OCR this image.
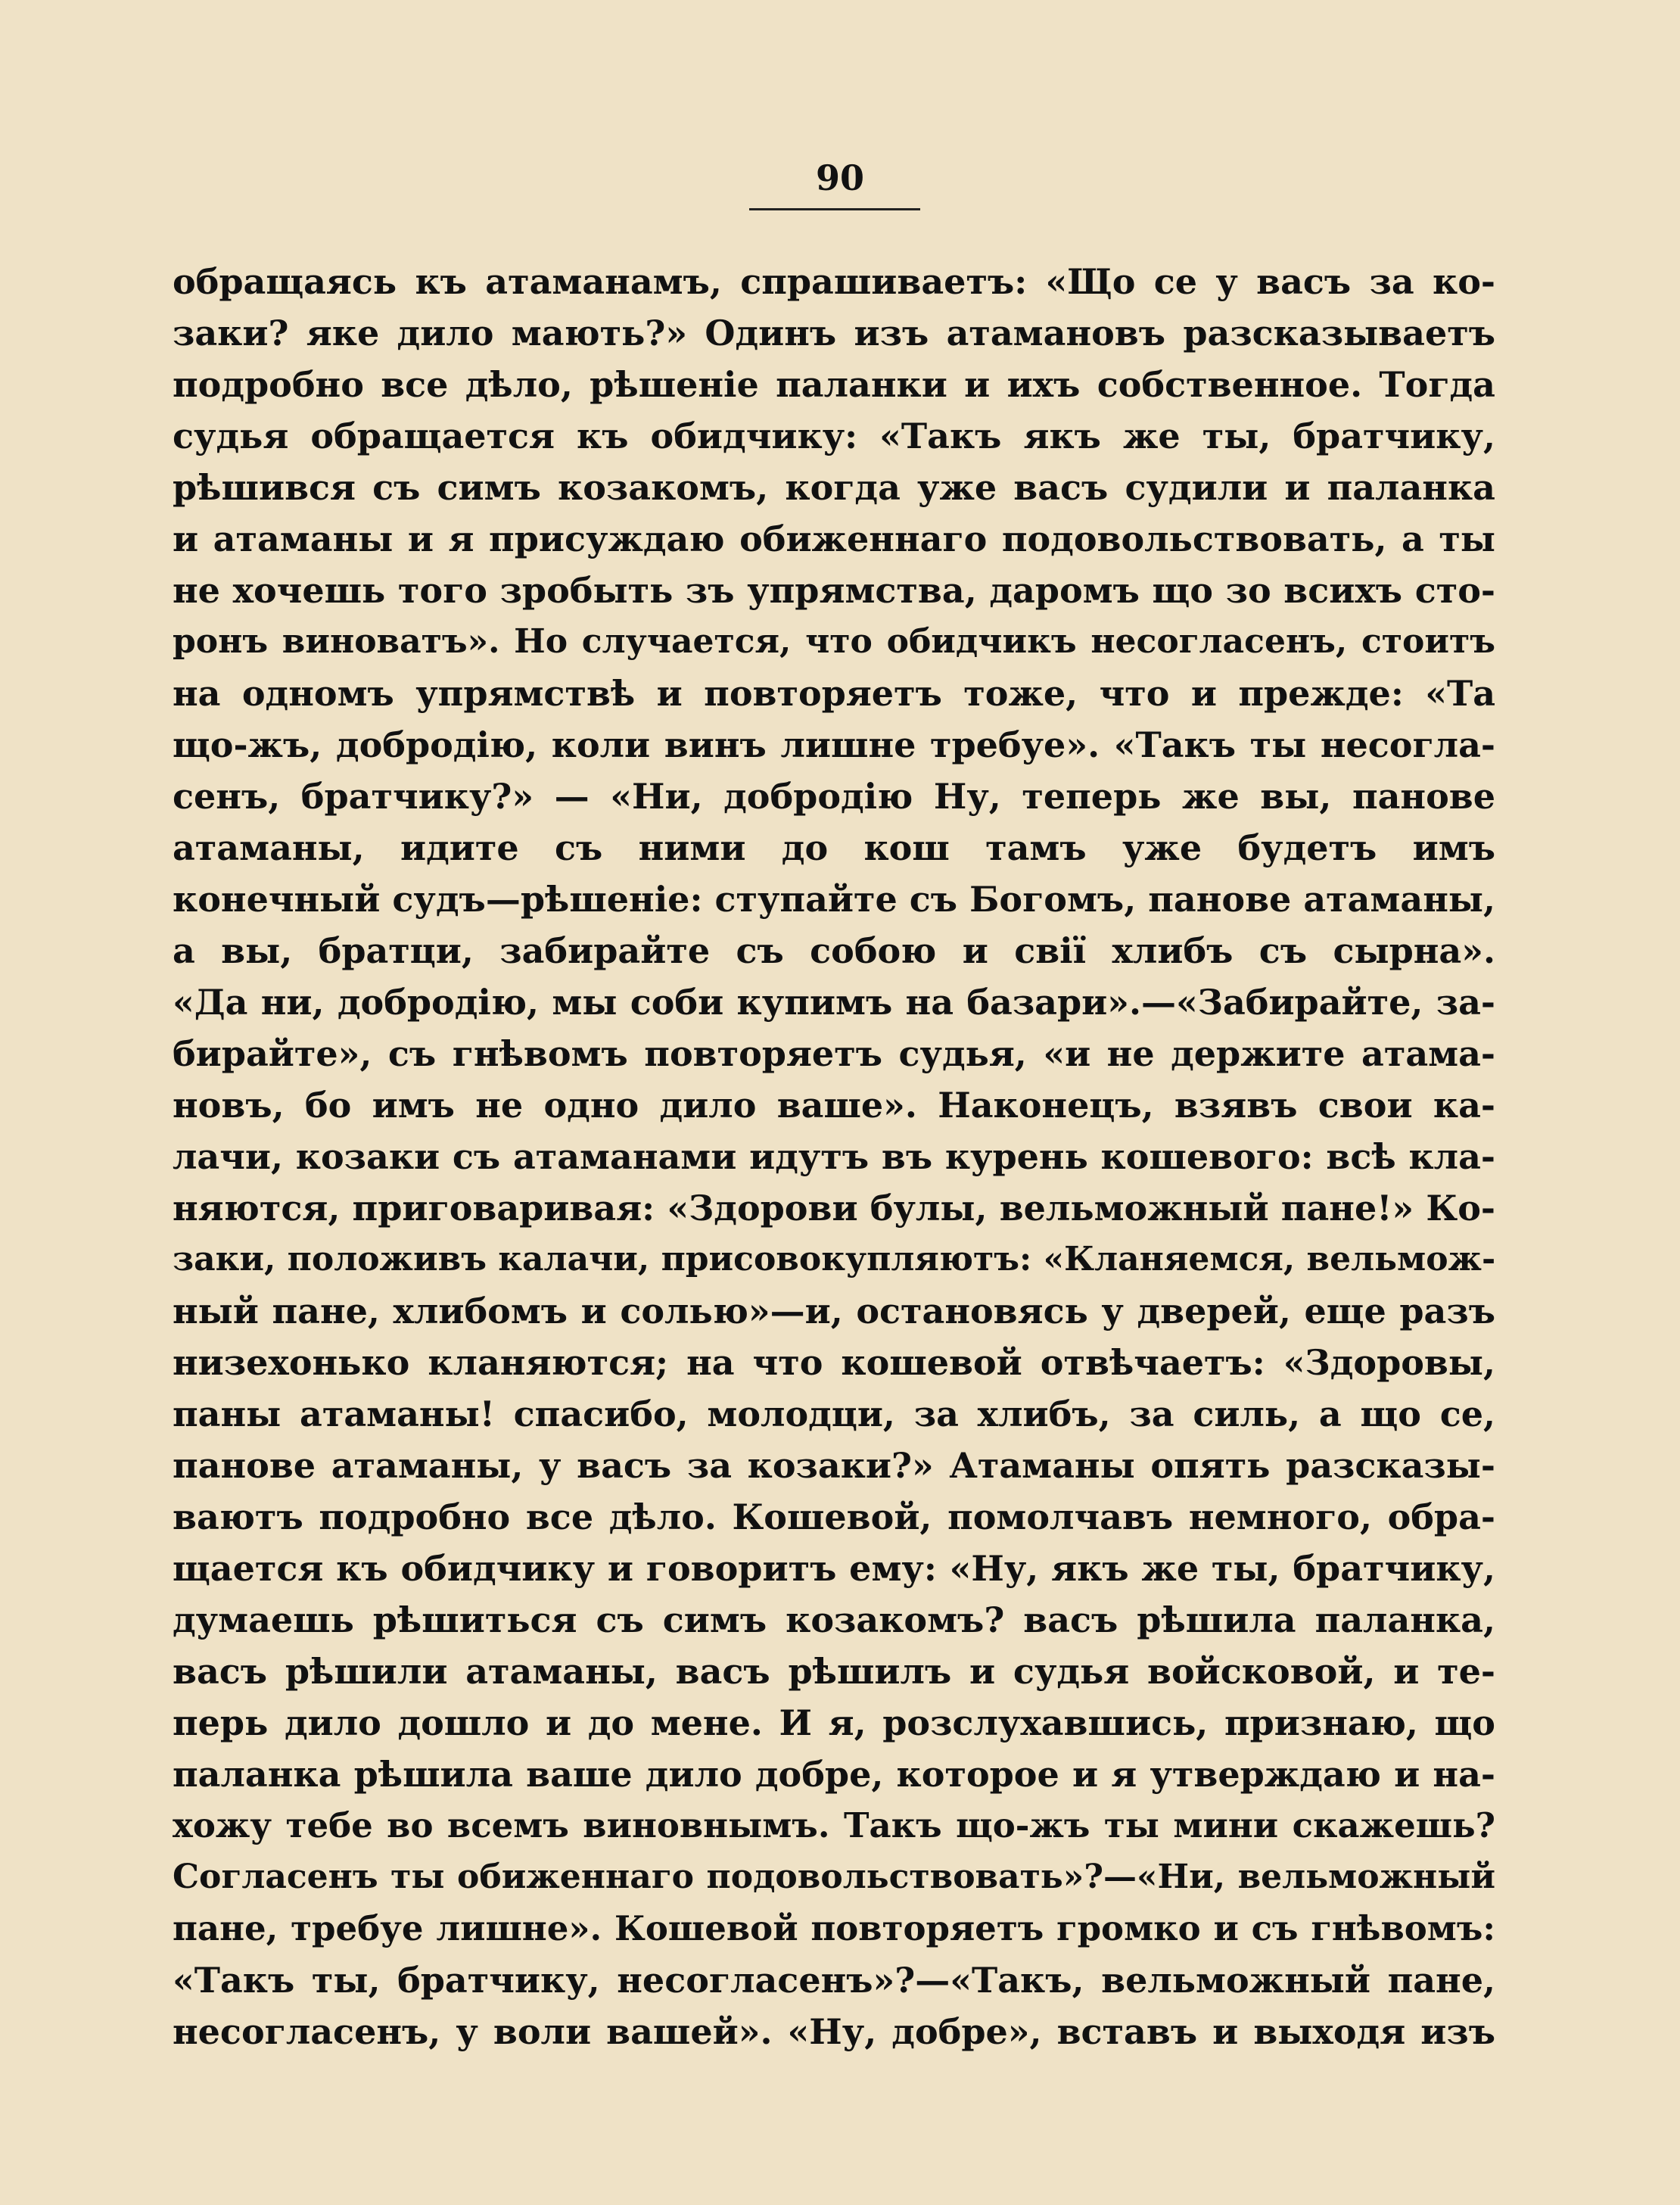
90
обращаясь къ атаманамъ, спрашиваетъ: «Що се у васъ за ко-
заки? яке дило мають?» Одинъ изъ атамановъ разсказываетъ
подробно все дѣло, рѣшеніе паланки и ихъ собственное. Тогда
судья обращается къ обидчику: «Такъ якъ же ты, братчику,
рѣшився съ симъ козакомъ, когда уже васъ судили и паланка
и атаманы и я присуждаю обиженнаго подовольствовать, а ты
не хочешь того зробыть зъ упрямства, даромъ що зо всихъ сто-
ронъ виноватъ». Но случается, что обидчикъ несогласенъ, стоитъ
на одномъ упрямствѣ и повторяетъ тоже, что и прежде: «Та
що-жъ, добродію, коли винъ лишне требуе». «Такъ ты несогла-
сенъ, братчику?» — «Ни, добродію Ну, теперь же вы, панове
атаманы, идите съ ними до кош тамъ уже будетъ имъ
конечный судъ—рѣшеніе: ступайте съ Богомъ, панове атаманы,
а вы, братци, забирайте съ собою и свії хлибъ съ сырна».
«Да ни, добродію, мы соби купимъ на базари».—«Забирайте, за-
бирайте», съ гнѣвомъ повторяетъ судья, «и не держите атама-
новъ, бо имъ не одно дило ваше». Наконецъ, взявъ свои ка-
лачи, козаки съ атаманами идутъ въ курень кошевого: всѣ кла-
няются, приговаривая: «Здорови булы, вельможный пане!» Ко-
заки, положивъ калачи, присовокупляютъ: «Кланяемся, вельмож-
ный пане, хлибомъ и солью»—и, остановясь у дверей, еще разъ
низехонько кланяются; на что кошевой отвѣчаетъ: «Здоровы,
паны атаманы! спасибо, молодци, за хлибъ, за силь, а що се,
панове атаманы, у васъ за козаки?» Атаманы опять разсказы-
ваютъ подробно все дѣло. Кошевой, помолчавъ немного, обра-
щается къ обидчику и говоритъ ему: «Ну, якъ же ты, братчику,
думаешь рѣшиться съ симъ козакомъ? васъ рѣшила паланка,
васъ рѣшили атаманы, васъ рѣшилъ и судья войсковой, и те-
перь дило дошло и до мене. И я, розслухавшись, признаю, що
паланка рѣшила ваше дило добре, которое и я утверждаю и на-
хожу тебе во всемъ виновнымъ. Такъ що-жъ ты мини скажешь?
Согласенъ ты обиженнаго подовольствовать»?—«Ни, вельможный
пане, требуе лишне». Кошевой повторяетъ громко и съ гнѣвомъ:
«Такъ ты, братчику, несогласенъ»?—«Такъ, вельможный пане,
несогласенъ, у воли вашей». «Ну, добре», вставъ и выходя изъ
